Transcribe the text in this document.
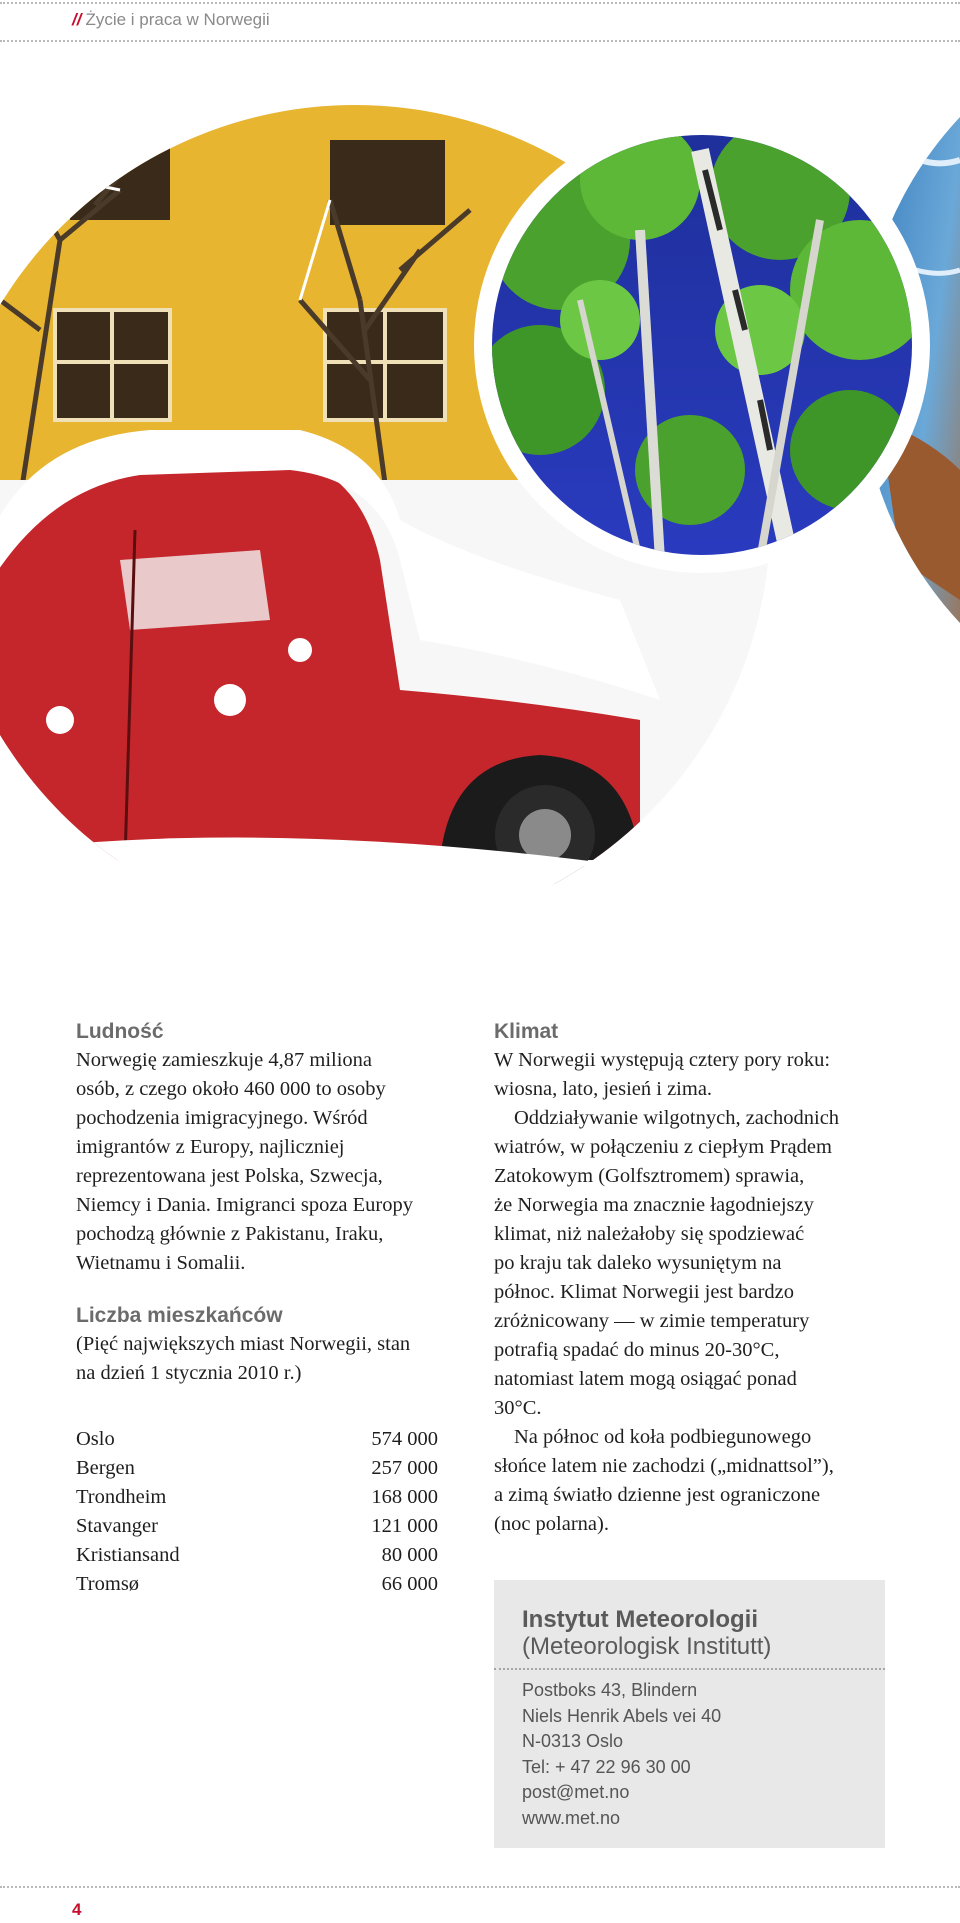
// Życie i praca w Norwegii
Ludność
Norwegię zamieszkuje 4,87 miliona
osób, z czego około 460 000 to osoby
pochodzenia imigracyjnego. Wśród
imigrantów z Europy, najliczniej
reprezentowana jest Polska, Szwecja,
Niemcy i Dania. Imigranci spoza Europy
pochodzą głównie z Pakistanu, Iraku,
Wietnamu i Somalii.
Liczba mieszkańców
(Pięć największych miast Norwegii, stan
na dzień 1 stycznia 2010 r.)
Oslo	574 000
Bergen	257 000
Trondheim	168 000
Stavanger	121 000
Kristiansand	80 000
Tromsø	66 000
Klimat
W Norwegii występują cztery pory roku:
wiosna, lato, jesień i zima.
Oddziaływanie wilgotnych, zachodnich
wiatrów, w połączeniu z ciepłym Prądem
Zatokowym (Golfsztromem) sprawia,
że Norwegia ma znacznie łagodniejszy
klimat, niż należałoby się spodziewać
po kraju tak daleko wysuniętym na
północ. Klimat Norwegii jest bardzo
zróżnicowany — w zimie temperatury
potrafią spadać do minus 20-30°C,
natomiast latem mogą osiągać ponad
30°C.
Na północ od koła podbiegunowego
słońce latem nie zachodzi („midnattsol”),
a zimą światło dzienne jest ograniczone
(noc polarna).
Instytut Meteorologii
(Meteorologisk Institutt)
Postboks 43, Blindern
Niels Henrik Abels vei 40
N-0313 Oslo
Tel: + 47 22 96 30 00
post@met.no
www.met.no
4
